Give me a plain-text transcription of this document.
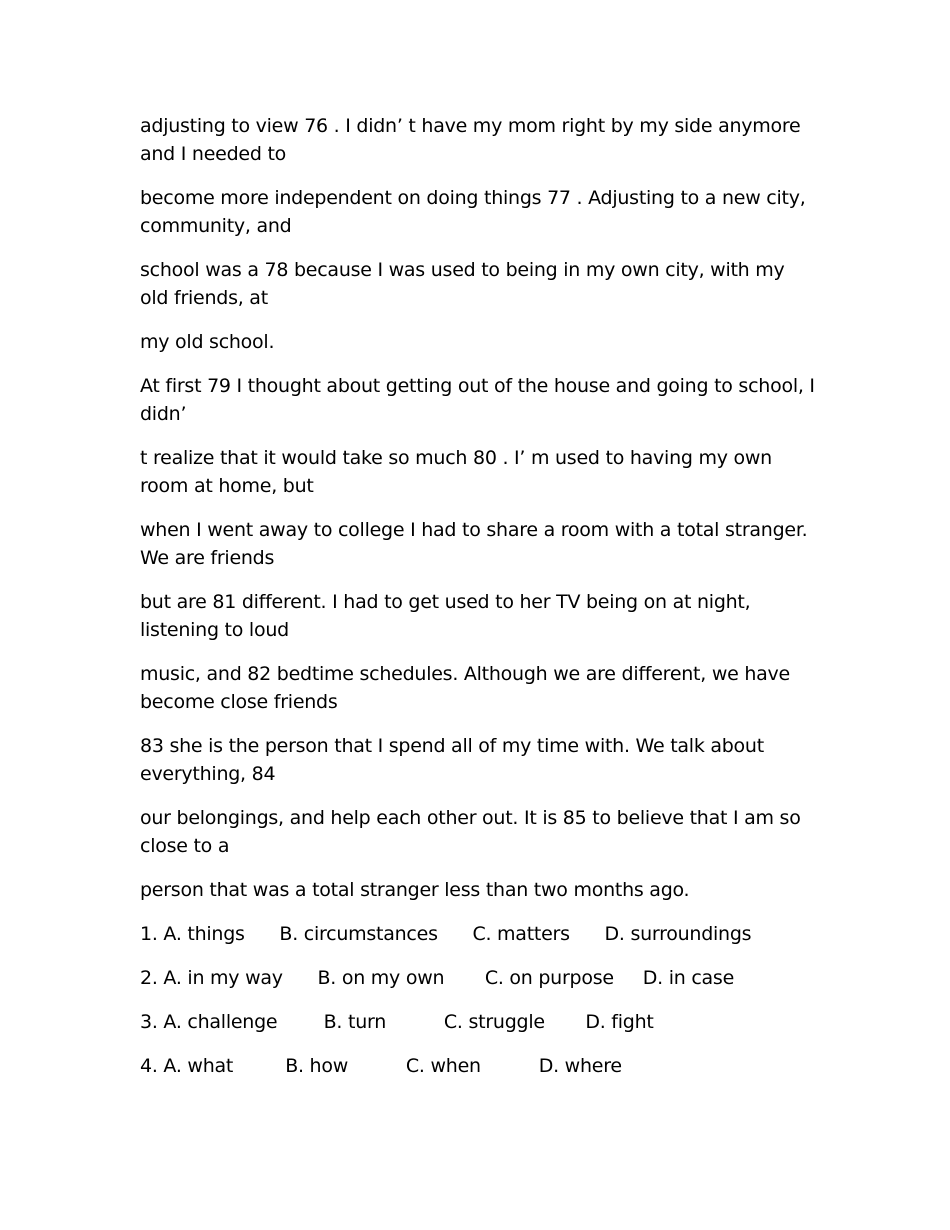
adjusting to view 76 . I didn’ t have my mom right by my side anymore and I needed to

become more independent on doing things 77 . Adjusting to a new city, community, and

school was a 78 because I was used to being in my own city, with my old friends, at

my old school.

At first 79 I thought about getting out of the house and going to school, I didn’

t realize that it would take so much 80 . I’ m used to having my own room at home, but

when I went away to college I had to share a room with a total stranger. We are friends

but are 81 different. I had to get used to her TV being on at night, listening to loud

music, and 82 bedtime schedules. Although we are different, we have become close friends

83 she is the person that I spend all of my time with. We talk about everything, 84

our belongings, and help each other out. It is 85 to believe that I am so close to a

person that was a total stranger less than two months ago.

1. A. things      B. circumstances      C. matters      D. surroundings

2. A. in my way      B. on my own       C. on purpose     D. in case

3. A. challenge        B. turn          C. struggle       D. fight

4. A. what         B. how          C. when          D. where
